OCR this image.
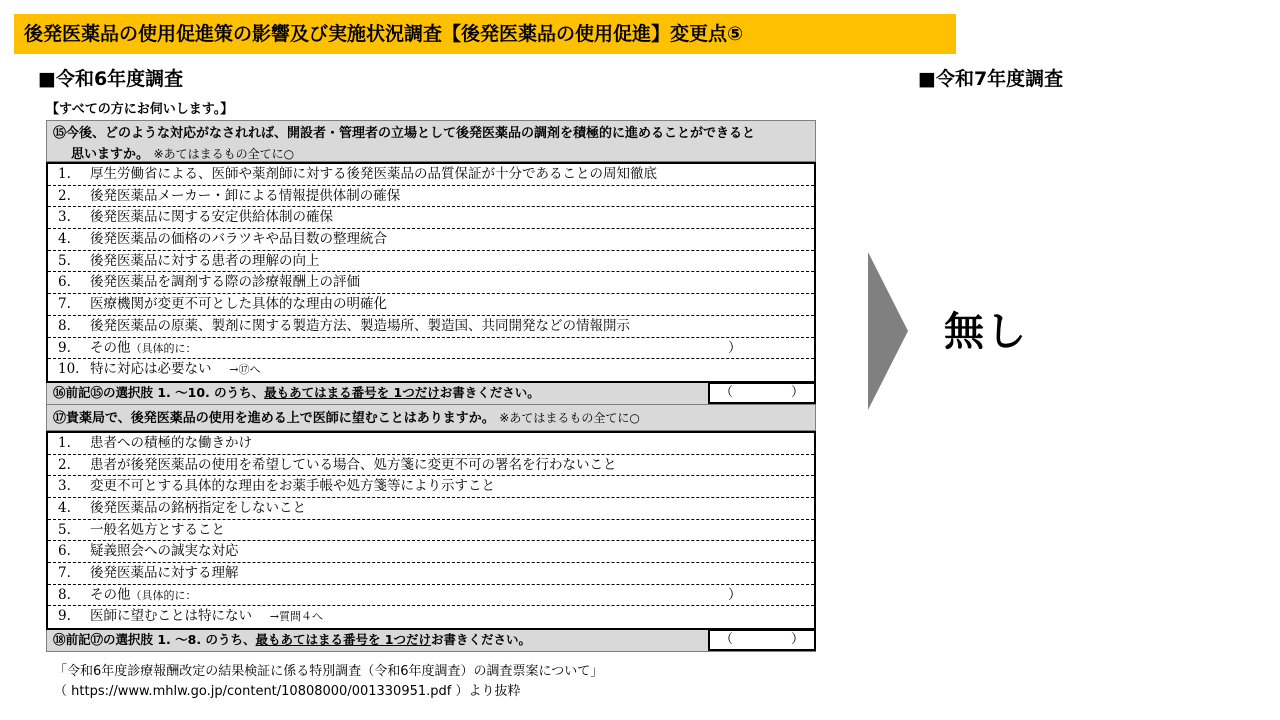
後発医薬品の使用促進策の影響及び実施状況調査【後発医薬品の使用促進】変更点⑤
■令和6年度調査	■令和7年度調査
【すべての方にお伺いします。】
⑮今後、どのような対応がなされれば、開設者・管理者の立場として後発医薬品の調剤を積極的に進めることができると
思いますか。 ※あてはまるもの全てに○
1. 厚生労働省による、医師や薬剤師に対する後発医薬品の品質保証が十分であることの周知徹底
2. 後発医薬品メーカー・卸による情報提供体制の確保
3. 後発医薬品に関する安定供給体制の確保
4. 後発医薬品の価格のバラツキや品目数の整理統合
5. 後発医薬品に対する患者の理解の向上
6. 後発医薬品を調剤する際の診療報酬上の評価
7. 医療機関が変更不可とした具体的な理由の明確化
8. 後発医薬品の原薬、製剤に関する製造方法、製造場所、製造国、共同開発などの情報開示
9. その他（具体的に：	）
10. 特に対応は必要ない　 →⑰へ
⑯前記⑮の選択肢 1. ～10. のうち、最もあてはまる番号を 1つだけお書きください。	（	）
⑰貴薬局で、後発医薬品の使用を進める上で医師に望むことはありますか。 ※あてはまるもの全てに○
1. 患者への積極的な働きかけ
2. 患者が後発医薬品の使用を希望している場合、処方箋に変更不可の署名を行わないこと
3. 変更不可とする具体的な理由をお薬手帳や処方箋等により示すこと
4. 後発医薬品の銘柄指定をしないこと
5. 一般名処方とすること
6. 疑義照会への誠実な対応
7. 後発医薬品に対する理解
8. その他（具体的に：	）
9. 医師に望むことは特にない　 →質問４へ
⑱前記⑰の選択肢 1. ～8. のうち、最もあてはまる番号を 1つだけお書きください。	（	）
無し
「令和6年度診療報酬改定の結果検証に係る特別調査（令和6年度調査）の調査票案について」
（ https://www.mhlw.go.jp/content/10808000/001330951.pdf ）より抜粋
